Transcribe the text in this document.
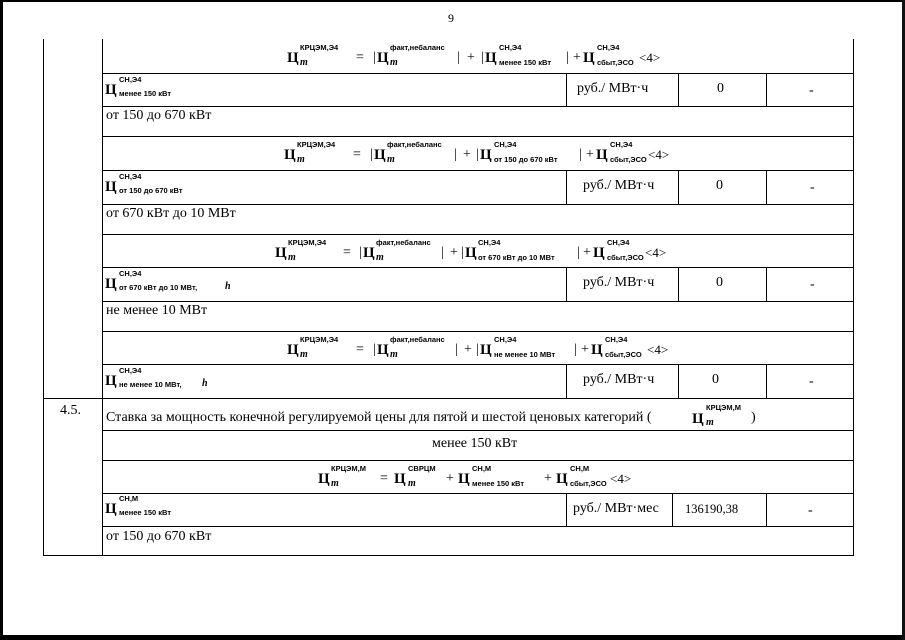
9
Ц
КРЦЭМ,Э4
m	= | Ц
факт,небаланс
m	| + | Ц
СН,Э4
менее 150 кВт | + Ц
СН,Э4
сбыт,ЭСО <4>
Ц
СН,Э4
менее 150 кВт	руб./ МВт·ч	0	-
от 150 до 670 кВт
Ц
КРЦЭМ,Э4
m	= | Ц
факт,небаланс
m	| + | Ц
СН,Э4
от 150 до 670 кВт | + Ц
СН,Э4
сбыт,ЭСО <4>
Ц
СН,Э4
от 150 до 670 кВт	руб./ МВт·ч	0	-
от 670 кВт до 10 МВт
Ц
КРЦЭМ,Э4
m	= | Ц
факт,небаланс
m	| + | Ц
СН,Э4
от 670 кВт до 10 МВт | + Ц
СН,Э4
сбыт,ЭСО <4>
Ц
СН,Э4
от 670 кВт до 10 МВт,	h	руб./ МВт·ч	0	-
не менее 10 МВт
Ц
КРЦЭМ,Э4
m	= | Ц
факт,небаланс
m	| + | Ц
СН,Э4
не менее 10 МВт | + Ц
СН,Э4
сбыт,ЭСО <4>
Ц
СН,Э4
не менее 10 МВт, h	руб./ МВт·ч	0	-
4.5. Ставка за мощность конечной регулируемой цены для пятой и шестой ценовых категорий (	Ц
КРЦЭМ,М
m	)
менее 150 кВт
Ц
КРЦЭМ,М
m	= Ц
СВРЦМ
m + Ц
СН,М
менее 150 кВт + Ц
СН,М
сбыт,ЭСО <4>
Ц
СН,М
менее 150 кВт	руб./ МВт·мес 136190,38	-
от 150 до 670 кВт
